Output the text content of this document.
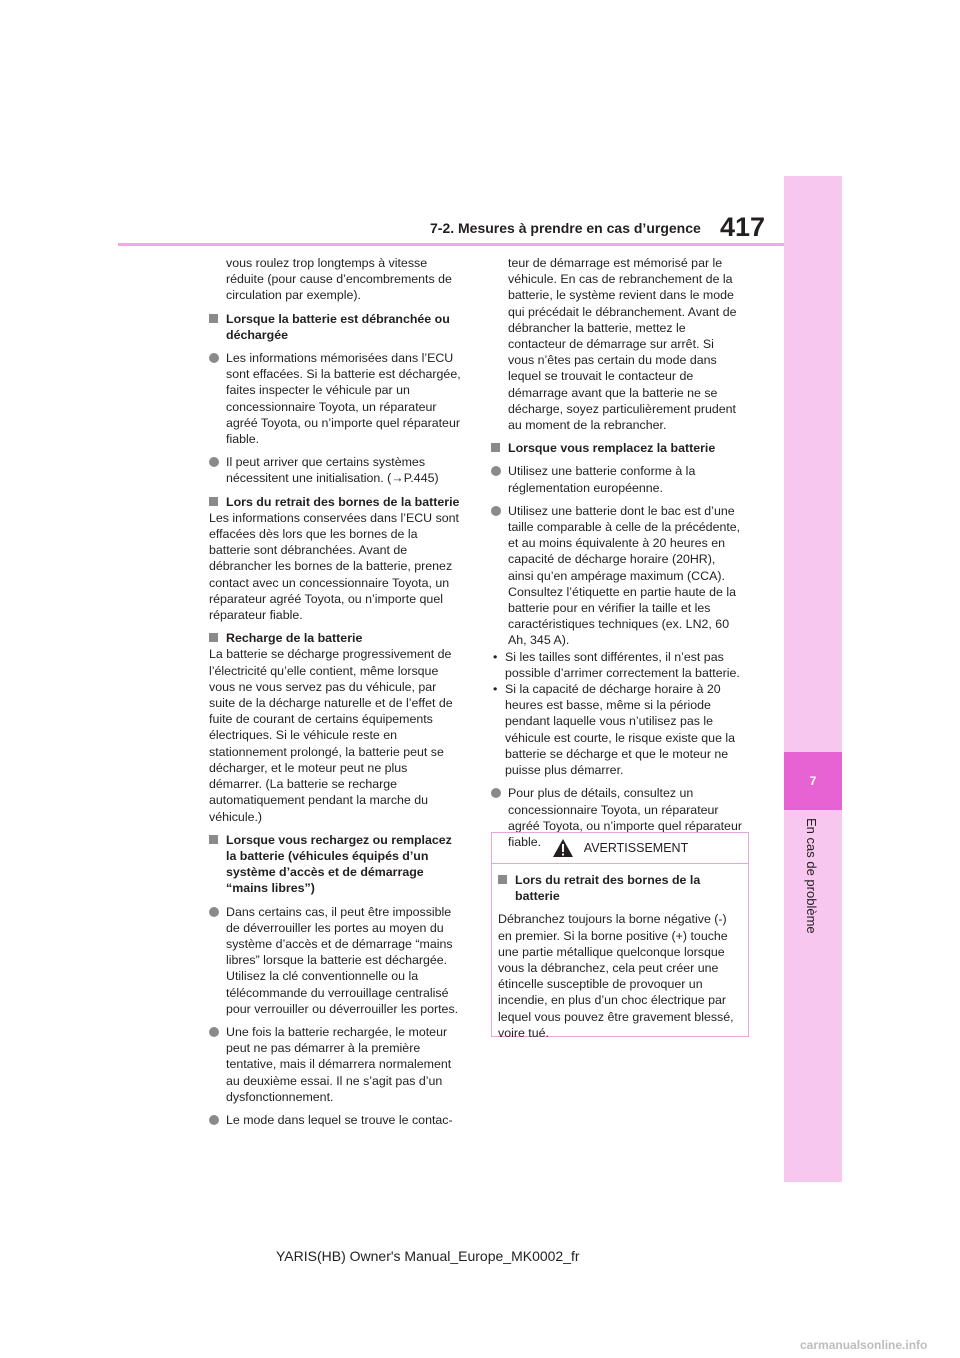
7-2. Mesures à prendre en cas d’urgence 417
7
En cas de problème

vous roulez trop longtemps à vitesse réduite (pour cause d’encombrements de circulation par exemple).

Lorsque la batterie est débranchée ou déchargée
Les informations mémorisées dans l’ECU sont effacées. Si la batterie est déchargée, faites inspecter le véhicule par un concessionnaire Toyota, un réparateur agréé Toyota, ou n’importe quel réparateur fiable.
Il peut arriver que certains systèmes nécessitent une initialisation. (→P.445)
Lors du retrait des bornes de la batterie

Les informations conservées dans l’ECU sont effacées dès lors que les bornes de la batterie sont débranchées. Avant de débrancher les bornes de la batterie, prenez contact avec un concessionnaire Toyota, un réparateur agréé Toyota, ou n’importe quel réparateur fiable.

Recharge de la batterie

La batterie se décharge progressivement de l’électricité qu’elle contient, même lorsque vous ne vous servez pas du véhicule, par suite de la décharge naturelle et de l’effet de fuite de courant de certains équipements électriques. Si le véhicule reste en stationnement prolongé, la batterie peut se décharger, et le moteur peut ne plus démarrer. (La batterie se recharge automatiquement pendant la marche du véhicule.)

Lorsque vous rechargez ou remplacez la batterie (véhicules équipés d’un système d’accès et de démarrage “mains libres”)
Dans certains cas, il peut être impossible de déverrouiller les portes au moyen du système d’accès et de démarrage “mains libres” lorsque la batterie est déchargée. Utilisez la clé conventionnelle ou la télécommande du verrouillage centralisé pour verrouiller ou déverrouiller les portes.
Une fois la batterie rechargée, le moteur peut ne pas démarrer à la première tentative, mais il démarrera normalement au deuxième essai. Il ne s’agit pas d’un dysfonctionnement.
Le mode dans lequel se trouve le contac-

teur de démarrage est mémorisé par le véhicule. En cas de rebranchement de la batterie, le système revient dans le mode qui précédait le débranchement. Avant de débrancher la batterie, mettez le contacteur de démarrage sur arrêt. Si vous n’êtes pas certain du mode dans lequel se trouvait le contacteur de démarrage avant que la batterie ne se décharge, soyez particulièrement prudent au moment de la rebrancher.

Lorsque vous remplacez la batterie
Utilisez une batterie conforme à la réglementation européenne.
Utilisez une batterie dont le bac est d’une taille comparable à celle de la précédente, et au moins équivalente à 20 heures en capacité de décharge horaire (20HR), ainsi qu’en ampérage maximum (CCA). Consultez l’étiquette en partie haute de la batterie pour en vérifier la taille et les caractéristiques techniques (ex. LN2, 60 Ah, 345 A).
• Si les tailles sont différentes, il n’est pas possible d’arrimer correctement la batterie.
• Si la capacité de décharge horaire à 20 heures est basse, même si la période pendant laquelle vous n’utilisez pas le véhicule est courte, le risque existe que la batterie se décharge et que le moteur ne puisse plus démarrer.
Pour plus de détails, consultez un concessionnaire Toyota, un réparateur agréé Toyota, ou n’importe quel réparateur fiable.	AVERTISSEMENT
Lors du retrait des bornes de la batterie

Débranchez toujours la borne négative (-) en premier. Si la borne positive (+) touche une partie métallique quelconque lorsque vous la débranchez, cela peut créer une étincelle susceptible de provoquer un incendie, en plus d’un choc électrique par lequel vous pouvez être gravement blessé, voire tué.

YARIS(HB) Owner's Manual_Europe_MK0002_fr
carmanualsonline.info
